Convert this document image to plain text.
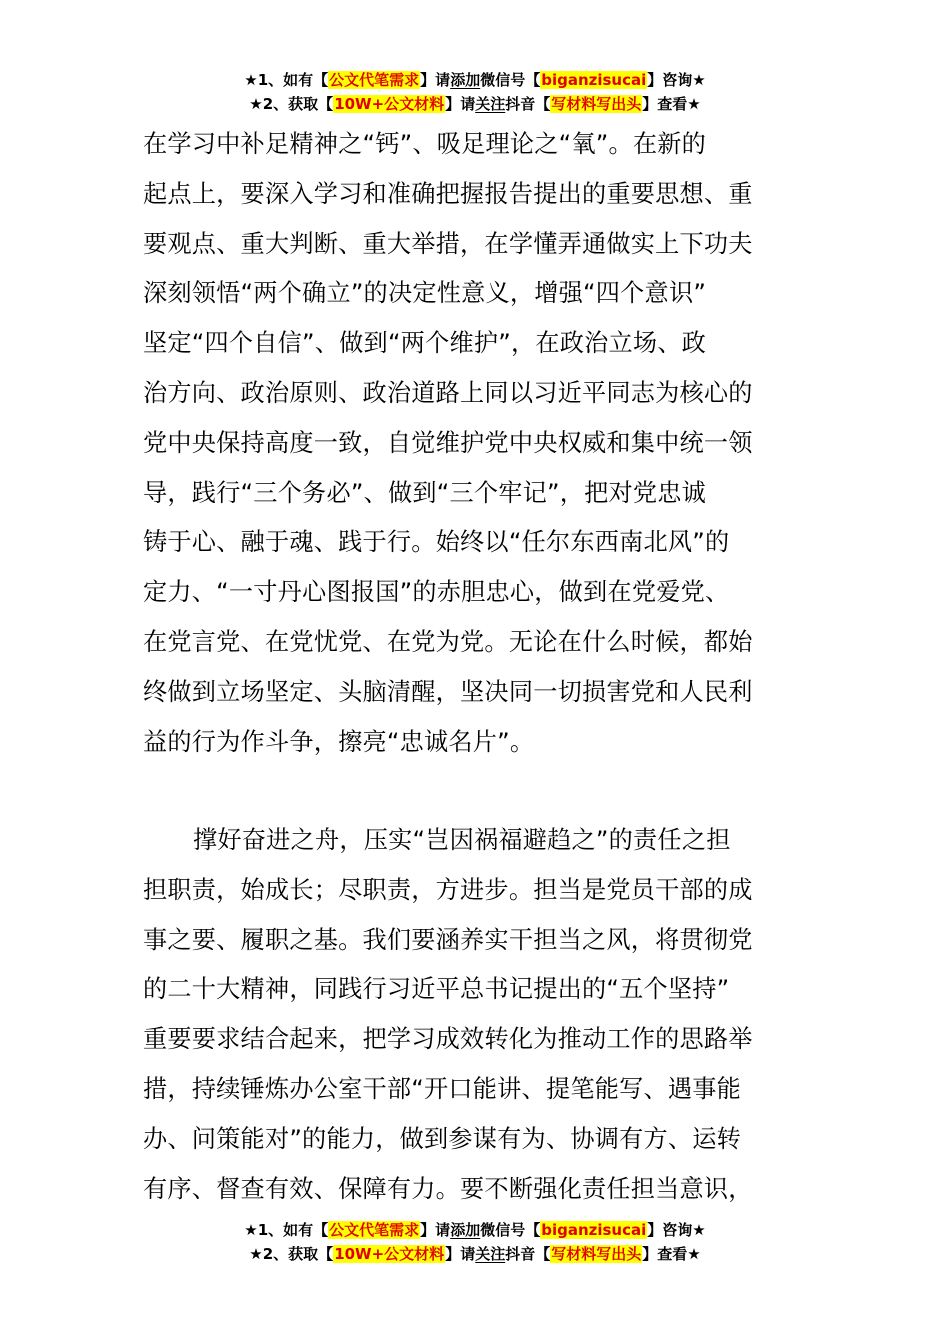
★1、如有【公文代笔需求】请添加微信号【biganzisucai】咨询★
★2、获取【10W+公文材料】请关注抖音【写材料写出头】查看★
在学习中补足精神之“钙”、吸足理论之“氧”。在新的
起点上，要深入学习和准确把握报告提出的重要思想、重
要观点、重大判断、重大举措，在学懂弄通做实上下功夫
深刻领悟“两个确立”的决定性意义，增强“四个意识”
坚定“四个自信”、做到“两个维护”，在政治立场、政
治方向、政治原则、政治道路上同以习近平同志为核心的
党中央保持高度一致，自觉维护党中央权威和集中统一领
导，践行“三个务必”、做到“三个牢记”，把对党忠诚
铸于心、融于魂、践于行。始终以“任尔东西南北风”的
定力、“一寸丹心图报国”的赤胆忠心，做到在党爱党、
在党言党、在党忧党、在党为党。无论在什么时候，都始
终做到立场坚定、头脑清醒，坚决同一切损害党和人民利
益的行为作斗争，擦亮“忠诚名片”。
撑好奋进之舟，压实“岂因祸福避趋之”的责任之担
担职责，始成长；尽职责，方进步。担当是党员干部的成
事之要、履职之基。我们要涵养实干担当之风，将贯彻党
的二十大精神，同践行习近平总书记提出的“五个坚持”
重要要求结合起来，把学习成效转化为推动工作的思路举
措，持续锤炼办公室干部“开口能讲、提笔能写、遇事能
办、问策能对”的能力，做到参谋有为、协调有方、运转
有序、督查有效、保障有力。要不断强化责任担当意识，
★1、如有【公文代笔需求】请添加微信号【biganzisucai】咨询★
★2、获取【10W+公文材料】请关注抖音【写材料写出头】查看★
